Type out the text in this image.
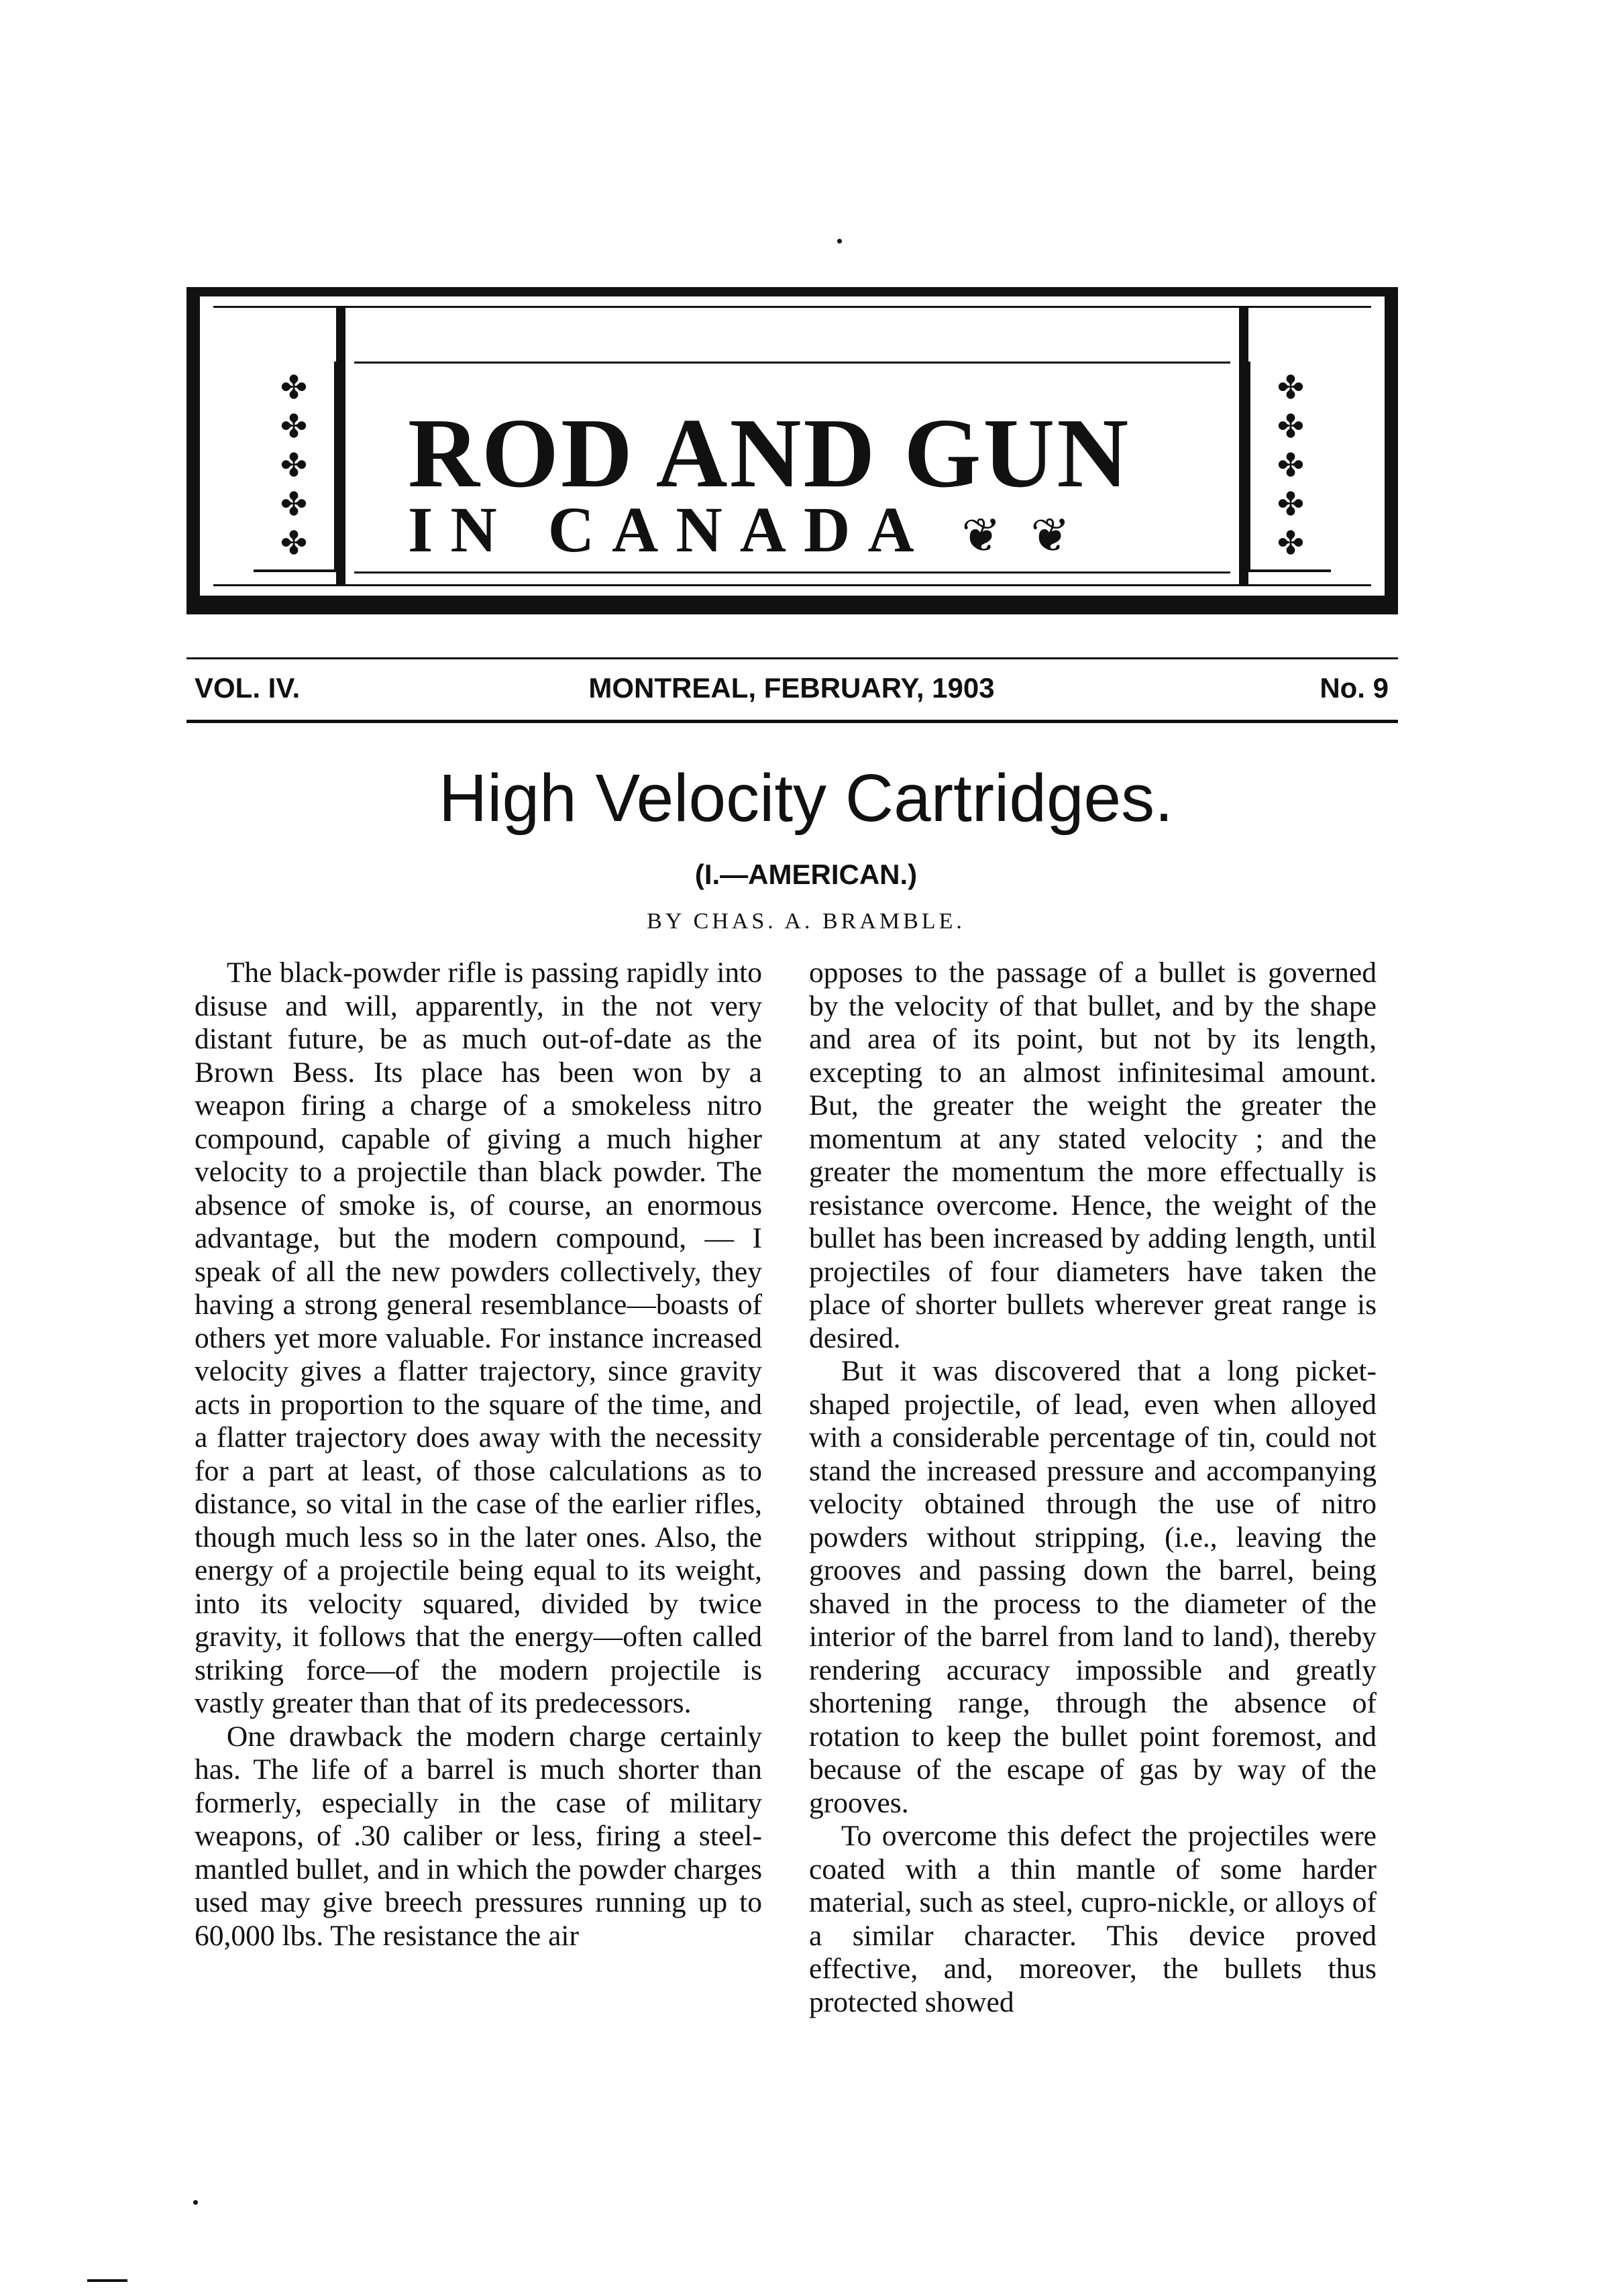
✤
✤
✤
✤
✤
ROD AND GUN
IN CANADA ❦ ❦
✤
✤
✤
✤
✤
VOL. IV.	MONTREAL, FEBRUARY, 1903	No. 9
High Velocity Cartridges.
(I.—AMERICAN.)
BY CHAS. A. BRAMBLE.

The black-powder rifle is passing rapidly into disuse and will, apparently, in the not very distant future, be as much out-of-date as the Brown Bess. Its place has been won by a weapon firing a charge of a smokeless nitro compound, capable of giving a much higher velocity to a projectile than black powder. The absence of smoke is, of course, an enormous advantage, but the modern compound, — I speak of all the new powders collectively, they having a strong general resemblance—boasts of others yet more valuable. For instance increased velocity gives a flatter trajectory, since gravity acts in proportion to the square of the time, and a flatter trajectory does away with the necessity for a part at least, of those calculations as to distance, so vital in the case of the earlier rifles, though much less so in the later ones. Also, the energy of a projectile being equal to its weight, into its velocity squared, divided by twice gravity, it follows that the energy—often called striking force—of the modern projectile is vastly greater than that of its predecessors.

One drawback the modern charge certainly has. The life of a barrel is much shorter than formerly, especially in the case of military weapons, of .30 caliber or less, firing a steel-mantled bullet, and in which the powder charges used may give breech pressures running up to 60,000 lbs. The resistance the air

opposes to the passage of a bullet is governed by the velocity of that bullet, and by the shape and area of its point, but not by its length, excepting to an almost infinitesimal amount. But, the greater the weight the greater the momentum at any stated velocity ; and the greater the momentum the more effectually is resistance overcome. Hence, the weight of the bullet has been increased by adding length, until projectiles of four diameters have taken the place of shorter bullets wherever great range is desired.

But it was discovered that a long picket-shaped projectile, of lead, even when alloyed with a considerable percentage of tin, could not stand the increased pressure and accompanying velocity obtained through the use of nitro powders without stripping, (i.e., leaving the grooves and passing down the barrel, being shaved in the process to the diameter of the interior of the barrel from land to land), thereby rendering accuracy impossible and greatly shortening range, through the absence of rotation to keep the bullet point foremost, and because of the escape of gas by way of the grooves.

To overcome this defect the projectiles were coated with a thin mantle of some harder material, such as steel, cupro-nickle, or alloys of a similar character. This device proved effective, and, moreover, the bullets thus protected showed
